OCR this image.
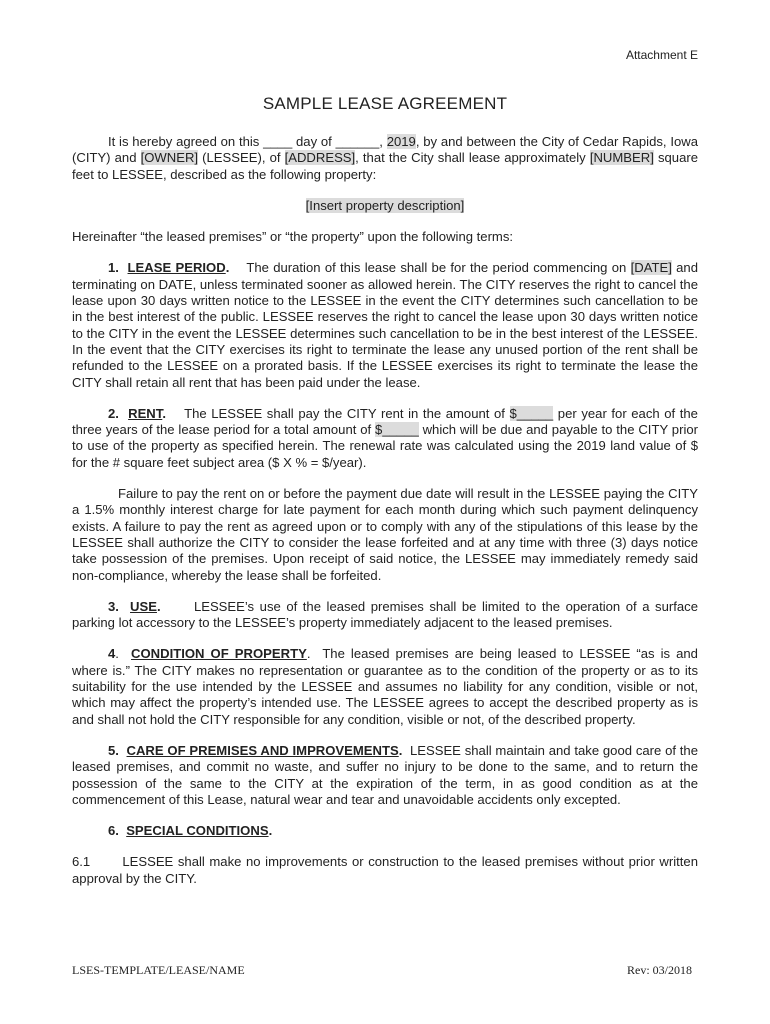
Attachment E
SAMPLE LEASE AGREEMENT

It is hereby agreed on this ____ day of ______, 2019, by and between the City of Cedar Rapids, Iowa (CITY) and [OWNER] (LESSEE), of [ADDRESS], that the City shall lease approximately [NUMBER] square feet to LESSEE, described as the following property:

[Insert property description]

Hereinafter “the leased premises” or “the property” upon the following terms:

1. LEASE PERIOD. The duration of this lease shall be for the period commencing on [DATE] and terminating on DATE, unless terminated sooner as allowed herein. The CITY reserves the right to cancel the lease upon 30 days written notice to the LESSEE in the event the CITY determines such cancellation to be in the best interest of the public. LESSEE reserves the right to cancel the lease upon 30 days written notice to the CITY in the event the LESSEE determines such cancellation to be in the best interest of the LESSEE. In the event that the CITY exercises its right to terminate the lease any unused portion of the rent shall be refunded to the LESSEE on a prorated basis. If the LESSEE exercises its right to terminate the lease the CITY shall retain all rent that has been paid under the lease.

2. RENT. The LESSEE shall pay the CITY rent in the amount of $_____ per year for each of the three years of the lease period for a total amount of $_____ which will be due and payable to the CITY prior to use of the property as specified herein. The renewal rate was calculated using the 2019 land value of $ for the # square feet subject area ($ X % = $/year).

Failure to pay the rent on or before the payment due date will result in the LESSEE paying the CITY a 1.5% monthly interest charge for late payment for each month during which such payment delinquency exists. A failure to pay the rent as agreed upon or to comply with any of the stipulations of this lease by the LESSEE shall authorize the CITY to consider the lease forfeited and at any time with three (3) days notice take possession of the premises. Upon receipt of said notice, the LESSEE may immediately remedy said non-compliance, whereby the lease shall be forfeited.

3. USE.	LESSEE’s use of the leased premises shall be limited to the operation of a surface parking lot accessory to the LESSEE’s property immediately adjacent to the leased premises.

4.  CONDITION OF PROPERTY.  The leased premises are being leased to LESSEE “as is and where is.” The CITY makes no representation or guarantee as to the condition of the property or as to its suitability for the use intended by the LESSEE and assumes no liability for any condition, visible or not, which may affect the property’s intended use. The LESSEE agrees to accept the described property as is and shall not hold the CITY responsible for any condition, visible or not, of the described property.

5. CARE OF PREMISES AND IMPROVEMENTS. LESSEE shall maintain and take good care of the leased premises, and commit no waste, and suffer no injury to be done to the same, and to return the possession of the same to the CITY at the expiration of the term, in as good condition as at the commencement of this Lease, natural wear and tear and unavoidable accidents only excepted.

6. SPECIAL CONDITIONS.

6.1 LESSEE shall make no improvements or construction to the leased premises without prior written approval by the CITY.

LSES-TEMPLATE/LEASE/NAME	Rev: 03/2018
